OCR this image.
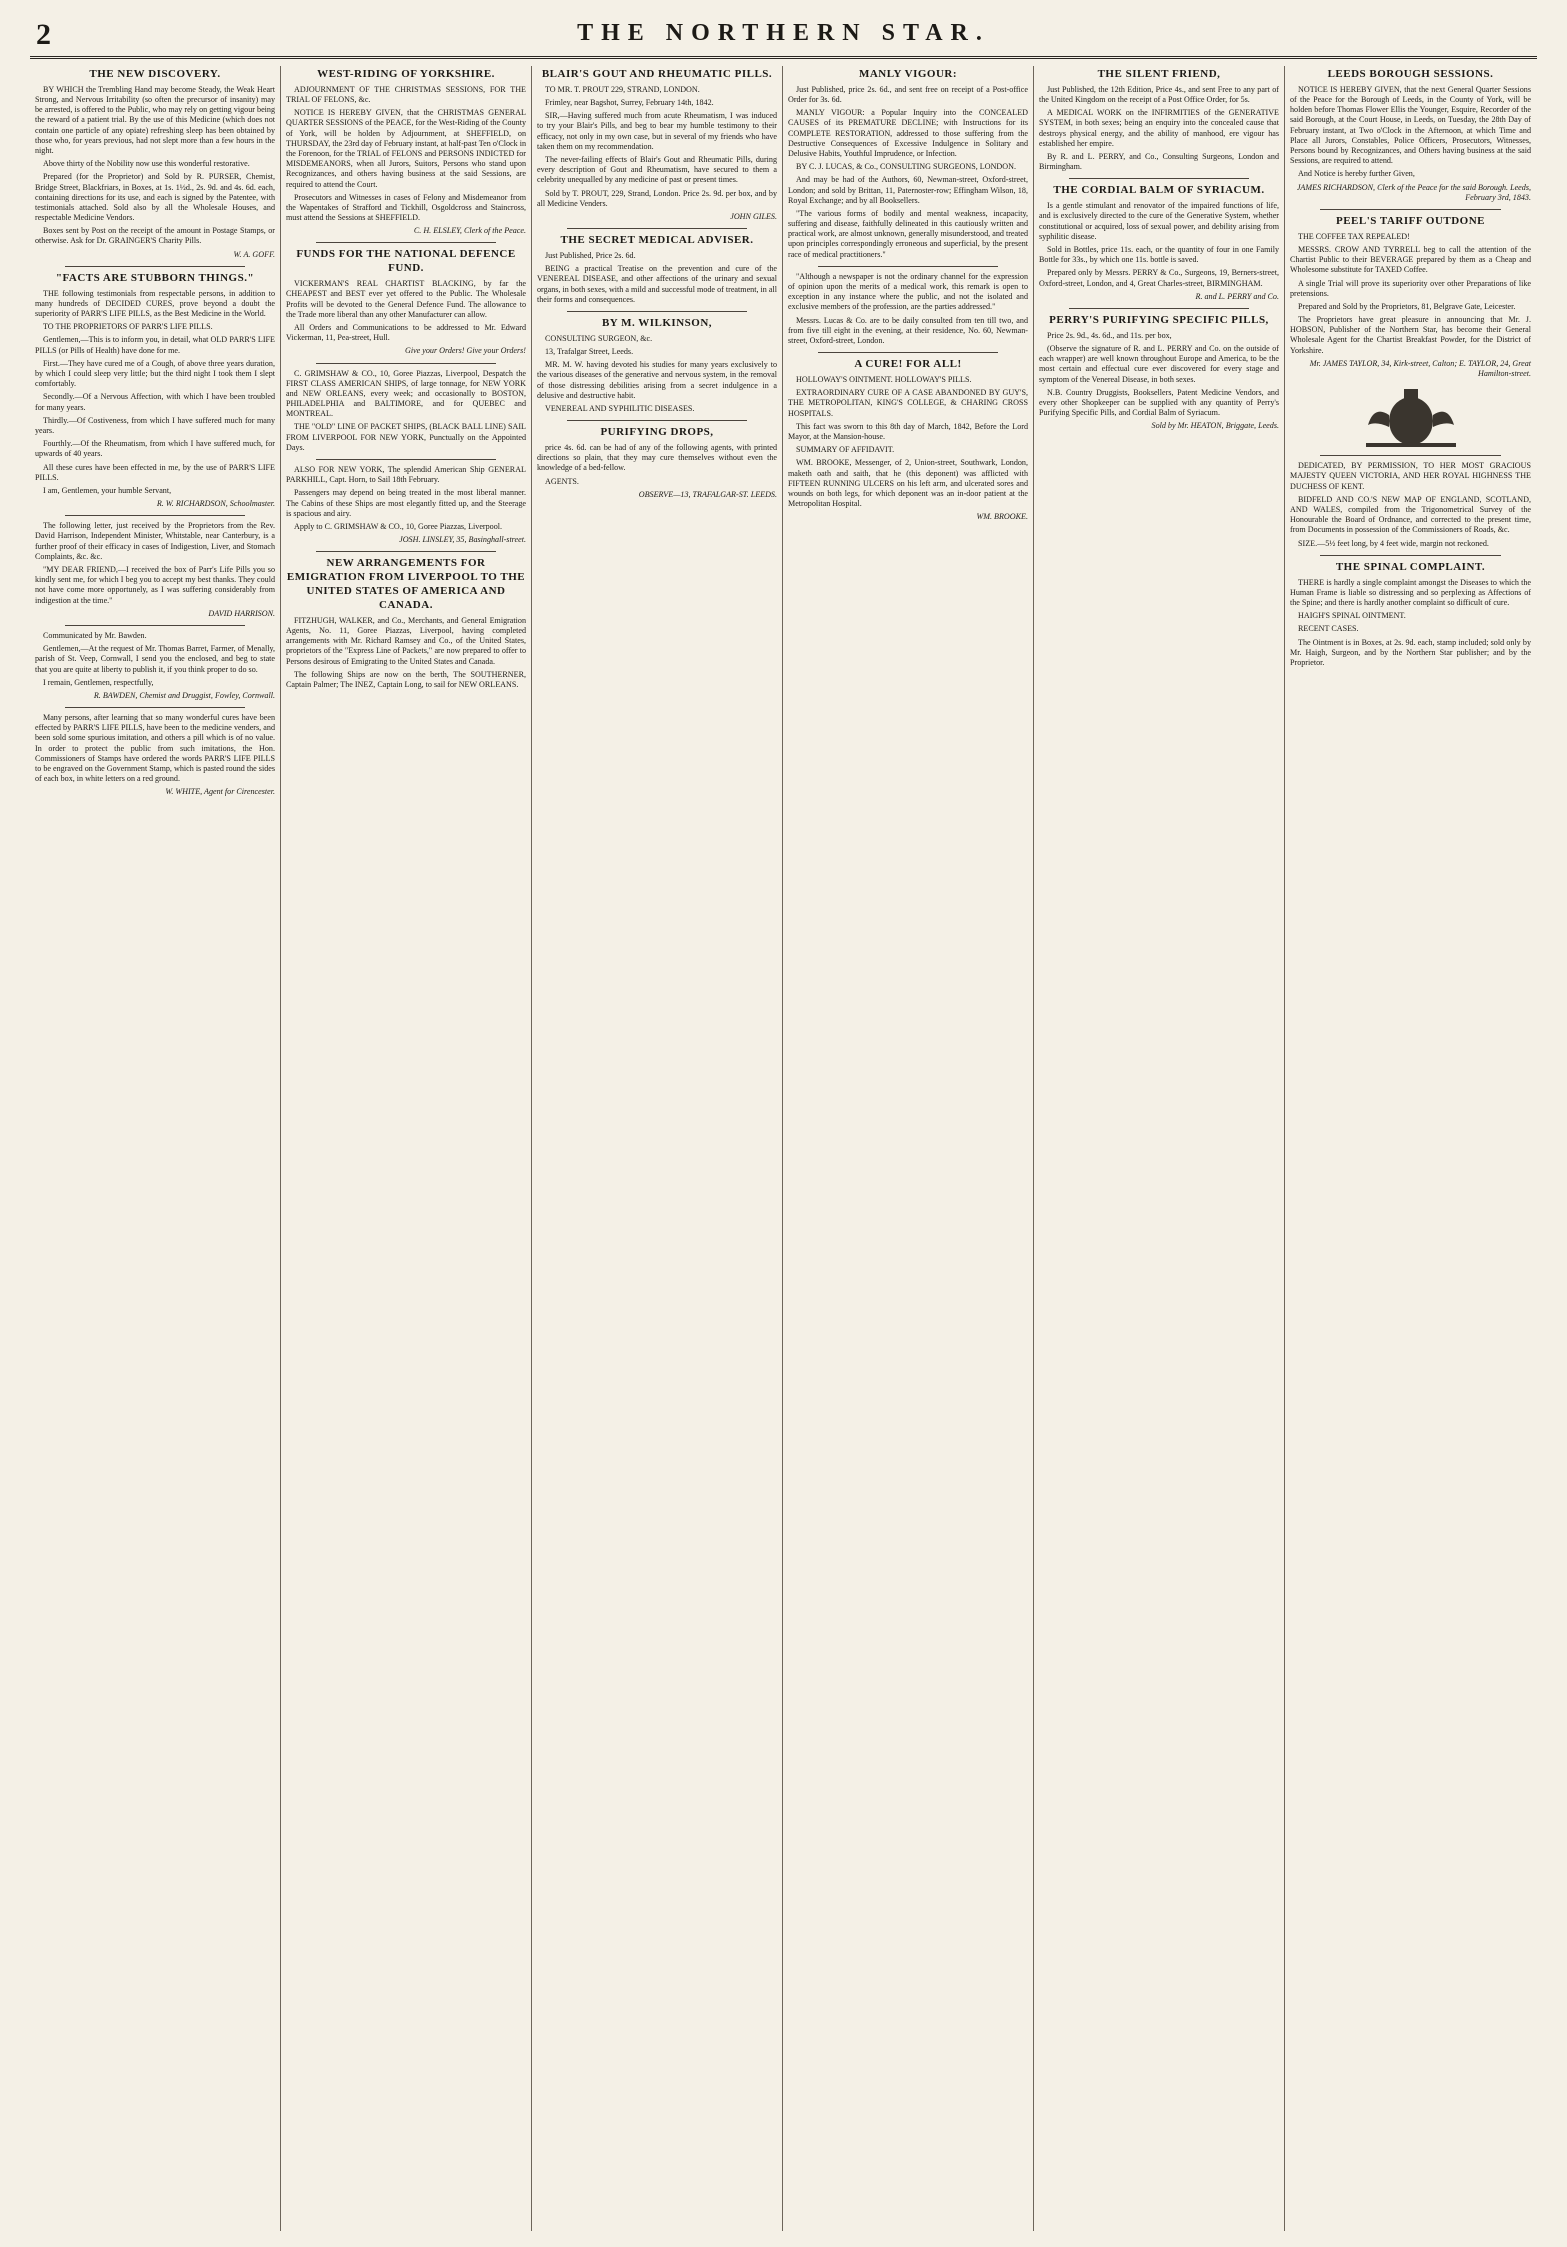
2	THE NORTHERN STAR.
THE NEW DISCOVERY.

BY WHICH the Trembling Hand may become Steady, the Weak Heart Strong, and Nervous Irritability (so often the precursor of insanity) may be arrested, is offered to the Public, who may rely on getting vigour being the reward of a patient trial. By the use of this Medicine (which does not contain one particle of any opiate) refreshing sleep has been obtained by those who, for years previous, had not slept more than a few hours in the night.

Above thirty of the Nobility now use this wonderful restorative.

Prepared (for the Proprietor) and Sold by R. PURSER, Chemist, Bridge Street, Blackfriars, in Boxes, at 1s. 1½d., 2s. 9d. and 4s. 6d. each, containing directions for its use, and each is signed by the Patentee, with testimonials attached. Sold also by all the Wholesale Houses, and respectable Medicine Vendors.

Boxes sent by Post on the receipt of the amount in Postage Stamps, or otherwise. Ask for Dr. GRAINGER'S Charity Pills.

W. A. GOFF.
"FACTS ARE STUBBORN THINGS."

THE following testimonials from respectable persons, in addition to many hundreds of DECIDED CURES, prove beyond a doubt the superiority of PARR'S LIFE PILLS, as the Best Medicine in the World.

TO THE PROPRIETORS OF PARR'S LIFE PILLS.

Gentlemen,—This is to inform you, in detail, what OLD PARR'S LIFE PILLS (or Pills of Health) have done for me.

First.—They have cured me of a Cough, of above three years duration, by which I could sleep very little; but the third night I took them I slept comfortably.

Secondly.—Of a Nervous Affection, with which I have been troubled for many years.

Thirdly.—Of Costiveness, from which I have suffered much for many years.

Fourthly.—Of the Rheumatism, from which I have suffered much, for upwards of 40 years.

All these cures have been effected in me, by the use of PARR'S LIFE PILLS.

I am, Gentlemen, your humble Servant,

R. W. RICHARDSON, Schoolmaster.

The following letter, just received by the Proprietors from the Rev. David Harrison, Independent Minister, Whitstable, near Canterbury, is a further proof of their efficacy in cases of Indigestion, Liver, and Stomach Complaints, &c. &c.

"MY DEAR FRIEND,—I received the box of Parr's Life Pills you so kindly sent me, for which I beg you to accept my best thanks. They could not have come more opportunely, as I was suffering considerably from indigestion at the time."

DAVID HARRISON.

Communicated by Mr. Bawden.

Gentlemen,—At the request of Mr. Thomas Barret, Farmer, of Menally, parish of St. Veep, Cornwall, I send you the enclosed, and beg to state that you are quite at liberty to publish it, if you think proper to do so.

I remain, Gentlemen, respectfully,

R. BAWDEN, Chemist and Druggist, Fowley, Cornwall.

Many persons, after learning that so many wonderful cures have been effected by PARR'S LIFE PILLS, have been to the medicine venders, and been sold some spurious imitation, and others a pill which is of no value. In order to protect the public from such imitations, the Hon. Commissioners of Stamps have ordered the words PARR'S LIFE PILLS to be engraved on the Government Stamp, which is pasted round the sides of each box, in white letters on a red ground.

W. WHITE, Agent for Cirencester.
WEST-RIDING OF YORKSHIRE.

ADJOURNMENT OF THE CHRISTMAS SESSIONS, FOR THE TRIAL OF FELONS, &c.

NOTICE IS HEREBY GIVEN, that the CHRISTMAS GENERAL QUARTER SESSIONS of the PEACE, for the West-Riding of the County of York, will be holden by Adjournment, at SHEFFIELD, on THURSDAY, the 23rd day of February instant, at half-past Ten o'Clock in the Forenoon, for the TRIAL of FELONS and PERSONS INDICTED for MISDEMEANORS, when all Jurors, Suitors, Persons who stand upon Recognizances, and others having business at the said Sessions, are required to attend the Court.

Prosecutors and Witnesses in cases of Felony and Misdemeanor from the Wapentakes of Strafford and Tickhill, Osgoldcross and Staincross, must attend the Sessions at SHEFFIELD.

C. H. ELSLEY, Clerk of the Peace.
FUNDS FOR THE NATIONAL DEFENCE FUND.

VICKERMAN'S REAL CHARTIST BLACKING, by far the CHEAPEST and BEST ever yet offered to the Public. The Wholesale Profits will be devoted to the General Defence Fund. The allowance to the Trade more liberal than any other Manufacturer can allow.

All Orders and Communications to be addressed to Mr. Edward Vickerman, 11, Pea-street, Hull.

Give your Orders! Give your Orders!

C. GRIMSHAW & CO., 10, Goree Piazzas, Liverpool, Despatch the FIRST CLASS AMERICAN SHIPS, of large tonnage, for NEW YORK and NEW ORLEANS, every week; and occasionally to BOSTON, PHILADELPHIA and BALTIMORE, and for QUEBEC and MONTREAL.

THE "OLD" LINE OF PACKET SHIPS, (BLACK BALL LINE) SAIL FROM LIVERPOOL FOR NEW YORK, Punctually on the Appointed Days.

ALSO FOR NEW YORK, The splendid American Ship GENERAL PARKHILL, Capt. Horn, to Sail 18th February.

Passengers may depend on being treated in the most liberal manner. The Cabins of these Ships are most elegantly fitted up, and the Steerage is spacious and airy.

Apply to C. GRIMSHAW & CO., 10, Goree Piazzas, Liverpool.

JOSH. LINSLEY, 35, Basinghall-street.
NEW ARRANGEMENTS FOR EMIGRATION FROM LIVERPOOL TO THE UNITED STATES OF AMERICA AND CANADA.

FITZHUGH, WALKER, and Co., Merchants, and General Emigration Agents, No. 11, Goree Piazzas, Liverpool, having completed arrangements with Mr. Richard Ramsey and Co., of the United States, proprietors of the "Express Line of Packets," are now prepared to offer to Persons desirous of Emigrating to the United States and Canada.

The following Ships are now on the berth, The SOUTHERNER, Captain Palmer; The INEZ, Captain Long, to sail for NEW ORLEANS.

BLAIR'S GOUT AND RHEUMATIC PILLS.

TO MR. T. PROUT 229, STRAND, LONDON.

Frimley, near Bagshot, Surrey, February 14th, 1842.

SIR,—Having suffered much from acute Rheumatism, I was induced to try your Blair's Pills, and beg to bear my humble testimony to their efficacy, not only in my own case, but in several of my friends who have taken them on my recommendation.

The never-failing effects of Blair's Gout and Rheumatic Pills, during every description of Gout and Rheumatism, have secured to them a celebrity unequalled by any medicine of past or present times.

Sold by T. PROUT, 229, Strand, London. Price 2s. 9d. per box, and by all Medicine Venders.

JOHN GILES.
THE SECRET MEDICAL ADVISER.

Just Published, Price 2s. 6d.

BEING a practical Treatise on the prevention and cure of the VENEREAL DISEASE, and other affections of the urinary and sexual organs, in both sexes, with a mild and successful mode of treatment, in all their forms and consequences.

BY M. WILKINSON,

CONSULTING SURGEON, &c.

13, Trafalgar Street, Leeds.

MR. M. W. having devoted his studies for many years exclusively to the various diseases of the generative and nervous system, in the removal of those distressing debilities arising from a secret indulgence in a delusive and destructive habit.

VENEREAL AND SYPHILITIC DISEASES.

PURIFYING DROPS,

price 4s. 6d. can be had of any of the following agents, with printed directions so plain, that they may cure themselves without even the knowledge of a bed-fellow.

AGENTS.

OBSERVE—13, TRAFALGAR-ST. LEEDS.
MANLY VIGOUR:

Just Published, price 2s. 6d., and sent free on receipt of a Post-office Order for 3s. 6d.

MANLY VIGOUR: a Popular Inquiry into the CONCEALED CAUSES of its PREMATURE DECLINE; with Instructions for its COMPLETE RESTORATION, addressed to those suffering from the Destructive Consequences of Excessive Indulgence in Solitary and Delusive Habits, Youthful Imprudence, or Infection.

BY C. J. LUCAS, & Co., CONSULTING SURGEONS, LONDON.

And may be had of the Authors, 60, Newman-street, Oxford-street, London; and sold by Brittan, 11, Paternoster-row; Effingham Wilson, 18, Royal Exchange; and by all Booksellers.

"The various forms of bodily and mental weakness, incapacity, suffering and disease, faithfully delineated in this cautiously written and practical work, are almost unknown, generally misunderstood, and treated upon principles correspondingly erroneous and superficial, by the present race of medical practitioners."

"Although a newspaper is not the ordinary channel for the expression of opinion upon the merits of a medical work, this remark is open to exception in any instance where the public, and not the isolated and exclusive members of the profession, are the parties addressed."

Messrs. Lucas & Co. are to be daily consulted from ten till two, and from five till eight in the evening, at their residence, No. 60, Newman-street, Oxford-street, London.

A CURE! FOR ALL!

HOLLOWAY'S OINTMENT. HOLLOWAY'S PILLS.

EXTRAORDINARY CURE OF A CASE ABANDONED BY GUY'S, THE METROPOLITAN, KING'S COLLEGE, & CHARING CROSS HOSPITALS.

This fact was sworn to this 8th day of March, 1842, Before the Lord Mayor, at the Mansion-house.

SUMMARY OF AFFIDAVIT.

WM. BROOKE, Messenger, of 2, Union-street, Southwark, London, maketh oath and saith, that he (this deponent) was afflicted with FIFTEEN RUNNING ULCERS on his left arm, and ulcerated sores and wounds on both legs, for which deponent was an in-door patient at the Metropolitan Hospital.

WM. BROOKE.
THE SILENT FRIEND,

Just Published, the 12th Edition, Price 4s., and sent Free to any part of the United Kingdom on the receipt of a Post Office Order, for 5s.

A MEDICAL WORK on the INFIRMITIES of the GENERATIVE SYSTEM, in both sexes; being an enquiry into the concealed cause that destroys physical energy, and the ability of manhood, ere vigour has established her empire.

By R. and L. PERRY, and Co., Consulting Surgeons, London and Birmingham.

THE CORDIAL BALM OF SYRIACUM.

Is a gentle stimulant and renovator of the impaired functions of life, and is exclusively directed to the cure of the Generative System, whether constitutional or acquired, loss of sexual power, and debility arising from syphilitic disease.

Sold in Bottles, price 11s. each, or the quantity of four in one Family Bottle for 33s., by which one 11s. bottle is saved.

Prepared only by Messrs. PERRY & Co., Surgeons, 19, Berners-street, Oxford-street, London, and 4, Great Charles-street, BIRMINGHAM.

R. and L. PERRY and Co.
PERRY'S PURIFYING SPECIFIC PILLS,

Price 2s. 9d., 4s. 6d., and 11s. per box,

(Observe the signature of R. and L. PERRY and Co. on the outside of each wrapper) are well known throughout Europe and America, to be the most certain and effectual cure ever discovered for every stage and symptom of the Venereal Disease, in both sexes.

N.B. Country Druggists, Booksellers, Patent Medicine Vendors, and every other Shopkeeper can be supplied with any quantity of Perry's Purifying Specific Pills, and Cordial Balm of Syriacum.

Sold by Mr. HEATON, Briggate, Leeds.
LEEDS BOROUGH SESSIONS.

NOTICE IS HEREBY GIVEN, that the next General Quarter Sessions of the Peace for the Borough of Leeds, in the County of York, will be holden before Thomas Flower Ellis the Younger, Esquire, Recorder of the said Borough, at the Court House, in Leeds, on Tuesday, the 28th Day of February instant, at Two o'Clock in the Afternoon, at which Time and Place all Jurors, Constables, Police Officers, Prosecutors, Witnesses, Persons bound by Recognizances, and Others having business at the said Sessions, are required to attend.

And Notice is hereby further Given,

JAMES RICHARDSON, Clerk of the Peace for the said Borough. Leeds, February 3rd, 1843.
PEEL'S TARIFF OUTDONE

THE COFFEE TAX REPEALED!

MESSRS. CROW AND TYRRELL beg to call the attention of the Chartist Public to their BEVERAGE prepared by them as a Cheap and Wholesome substitute for TAXED Coffee.

A single Trial will prove its superiority over other Preparations of like pretensions.

Prepared and Sold by the Proprietors, 81, Belgrave Gate, Leicester.

The Proprietors have great pleasure in announcing that Mr. J. HOBSON, Publisher of the Northern Star, has become their General Wholesale Agent for the Chartist Breakfast Powder, for the District of Yorkshire.

Mr. JAMES TAYLOR, 34, Kirk-street, Calton; E. TAYLOR, 24, Great Hamilton-street.

DEDICATED, BY PERMISSION, TO HER MOST GRACIOUS MAJESTY QUEEN VICTORIA, AND HER ROYAL HIGHNESS THE DUCHESS OF KENT.

BIDFELD AND CO.'S NEW MAP OF ENGLAND, SCOTLAND, AND WALES, compiled from the Trigonometrical Survey of the Honourable the Board of Ordnance, and corrected to the present time, from Documents in possession of the Commissioners of Roads, &c.

SIZE.—5½ feet long, by 4 feet wide, margin not reckoned.

THE SPINAL COMPLAINT.

THERE is hardly a single complaint amongst the Diseases to which the Human Frame is liable so distressing and so perplexing as Affections of the Spine; and there is hardly another complaint so difficult of cure.

HAIGH'S SPINAL OINTMENT.

RECENT CASES.

The Ointment is in Boxes, at 2s. 9d. each, stamp included; sold only by Mr. Haigh, Surgeon, and by the Northern Star publisher; and by the Proprietor.
